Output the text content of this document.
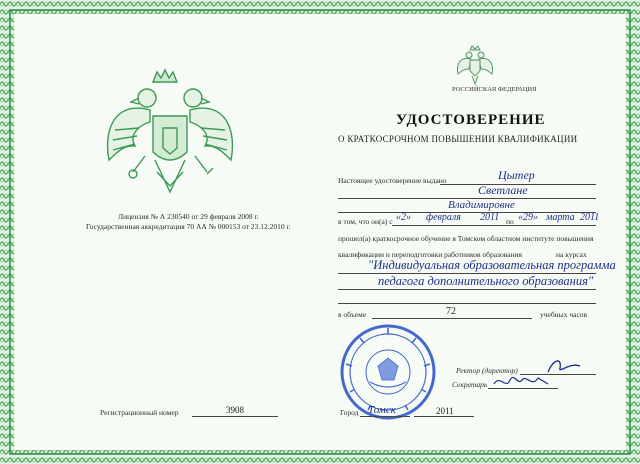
РОССИЙСКАЯ ФЕДЕРАЦИЯ
УДОСТОВЕРЕНИЕ
О КРАТКОСРОЧНОМ ПОВЫШЕНИИ КВАЛИФИКАЦИИ
Лицензия № А 230540 от 29 февраля 2008 г.
Государственная аккредитация 70 АА № 000153 от 23.12.2010 г.
Настоящее удостоверение выдано	Цытер
Светлане
Владимировне
в том, что он(а) с «2» февраля 2011 по «29» марта 2011
прошел(а) краткосрочное обучение в Томском областном институте повышения
квалификации и переподготовки работников образования	на курсах
"Индивидуальная образовательная программа
педагога дополнительного образования"
в объеме	72	учебных часов
Ректор (директор)
Секретарь
Регистрационный номер	3908	Город Томск	2011
